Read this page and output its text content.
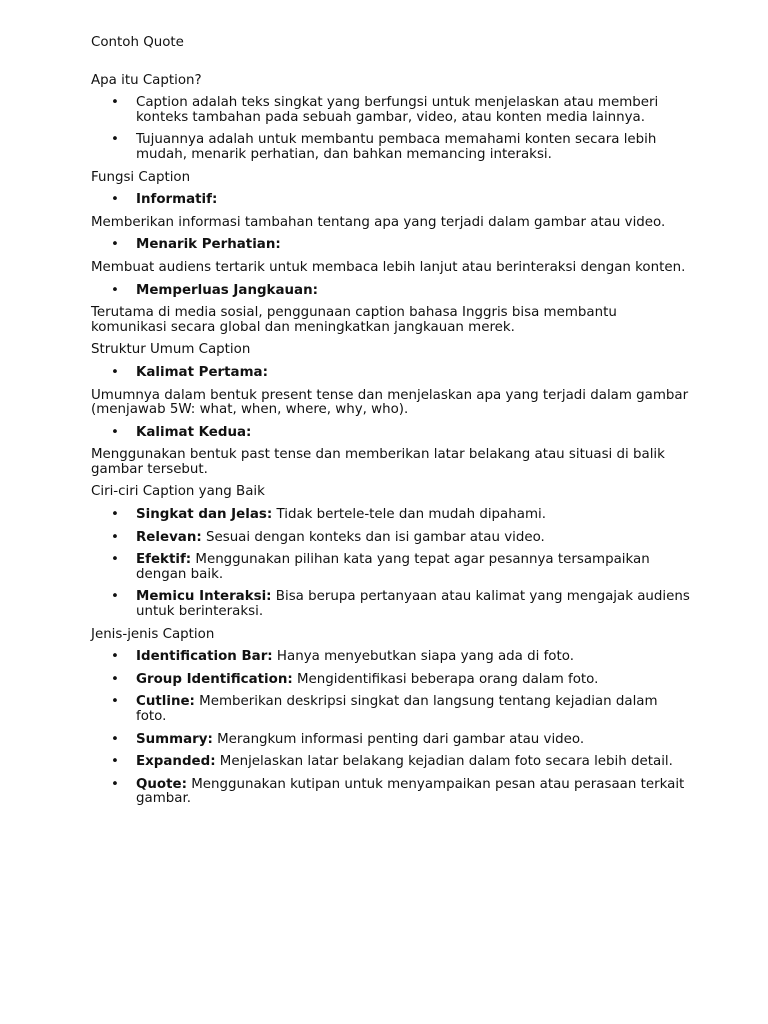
Contoh Quote

Apa itu Caption?

• Caption adalah teks singkat yang berfungsi untuk menjelaskan atau memberi konteks tambahan pada sebuah gambar, video, atau konten media lainnya.
• Tujuannya adalah untuk membantu pembaca memahami konten secara lebih mudah, menarik perhatian, dan bahkan memancing interaksi.

Fungsi Caption

• Informatif:

Memberikan informasi tambahan tentang apa yang terjadi dalam gambar atau video.

• Menarik Perhatian:

Membuat audiens tertarik untuk membaca lebih lanjut atau berinteraksi dengan konten.

• Memperluas Jangkauan:

Terutama di media sosial, penggunaan caption bahasa Inggris bisa membantu komunikasi secara global dan meningkatkan jangkauan merek.

Struktur Umum Caption

• Kalimat Pertama:

Umumnya dalam bentuk present tense dan menjelaskan apa yang terjadi dalam gambar (menjawab 5W: what, when, where, why, who).

• Kalimat Kedua:

Menggunakan bentuk past tense dan memberikan latar belakang atau situasi di balik gambar tersebut.

Ciri-ciri Caption yang Baik

• Singkat dan Jelas: Tidak bertele-tele dan mudah dipahami.
• Relevan: Sesuai dengan konteks dan isi gambar atau video.
• Efektif: Menggunakan pilihan kata yang tepat agar pesannya tersampaikan dengan baik.
• Memicu Interaksi: Bisa berupa pertanyaan atau kalimat yang mengajak audiens untuk berinteraksi.

Jenis-jenis Caption

• Identification Bar: Hanya menyebutkan siapa yang ada di foto.
• Group Identification: Mengidentifikasi beberapa orang dalam foto.
• Cutline: Memberikan deskripsi singkat dan langsung tentang kejadian dalam foto.
• Summary: Merangkum informasi penting dari gambar atau video.
• Expanded: Menjelaskan latar belakang kejadian dalam foto secara lebih detail.
• Quote: Menggunakan kutipan untuk menyampaikan pesan atau perasaan terkait gambar.
